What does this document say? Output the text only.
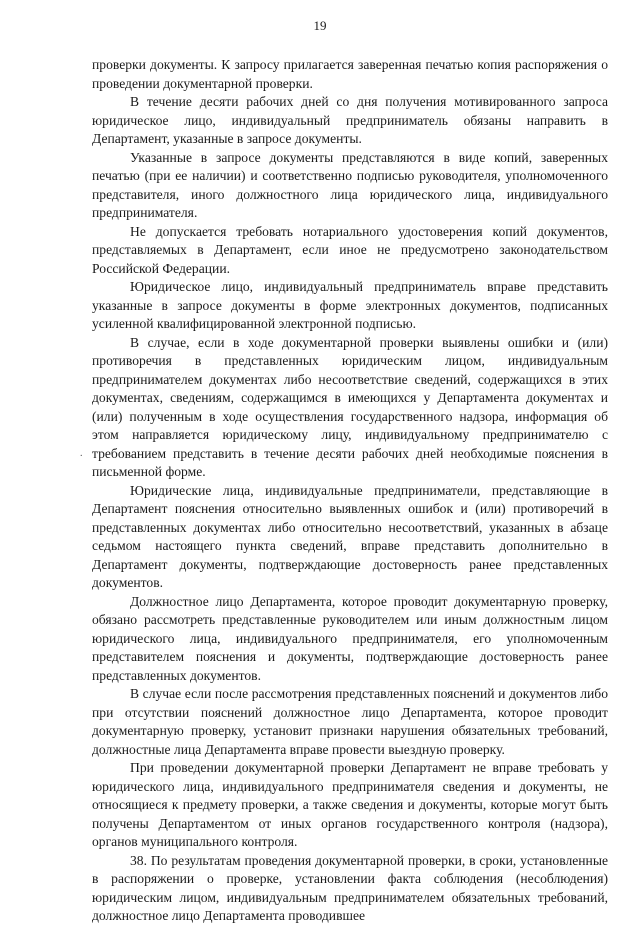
19
.

проверки документы. К запросу прилагается заверенная печатью копия распоряжения о проведении документарной проверки.

В течение десяти рабочих дней со дня получения мотивированного запроса юридическое лицо, индивидуальный предприниматель обязаны направить в Департамент, указанные в запросе документы.

Указанные в запросе документы представляются в виде копий, заверенных печатью (при ее наличии) и соответственно подписью руководителя, уполномоченного представителя, иного должностного лица юридического лица, индивидуального предпринимателя.

Не допускается требовать нотариального удостоверения копий документов, представляемых в Департамент, если иное не предусмотрено законодательством Российской Федерации.

Юридическое лицо, индивидуальный предприниматель вправе представить указанные в запросе документы в форме электронных документов, подписанных усиленной квалифицированной электронной подписью.

В случае, если в ходе документарной проверки выявлены ошибки и (или) противоречия в представленных юридическим лицом, индивидуальным предпринимателем документах либо несоответствие сведений, содержащихся в этих документах, сведениям, содержащимся в имеющихся у Департамента документах и (или) полученным в ходе осуществления государственного надзора, информация об этом направляется юридическому лицу, индивидуальному предпринимателю с требованием представить в течение десяти рабочих дней необходимые пояснения в письменной форме.

Юридические лица, индивидуальные предприниматели, представляющие в Департамент пояснения относительно выявленных ошибок и (или) противоречий в представленных документах либо относительно несоответствий, указанных в абзаце седьмом настоящего пункта сведений, вправе представить дополнительно в Департамент документы, подтверждающие достоверность ранее представленных документов.

Должностное лицо Департамента, которое проводит документарную проверку, обязано рассмотреть представленные руководителем или иным должностным лицом юридического лица, индивидуального предпринимателя, его уполномоченным представителем пояснения и документы, подтверждающие достоверность ранее представленных документов.

В случае если после рассмотрения представленных пояснений и документов либо при отсутствии пояснений должностное лицо Департамента, которое проводит документарную проверку, установит признаки нарушения обязательных требований, должностные лица Департамента вправе провести выездную проверку.

При проведении документарной проверки Департамент не вправе требовать у юридического лица, индивидуального предпринимателя сведения и документы, не относящиеся к предмету проверки, а также сведения и документы, которые могут быть получены Департаментом от иных органов государственного контроля (надзора), органов муниципального контроля.

38. По результатам проведения документарной проверки, в сроки, установленные в распоряжении о проверке, установлении факта соблюдения (несоблюдения) юридическим лицом, индивидуальным предпринимателем обязательных требований, должностное лицо Департамента проводившее
